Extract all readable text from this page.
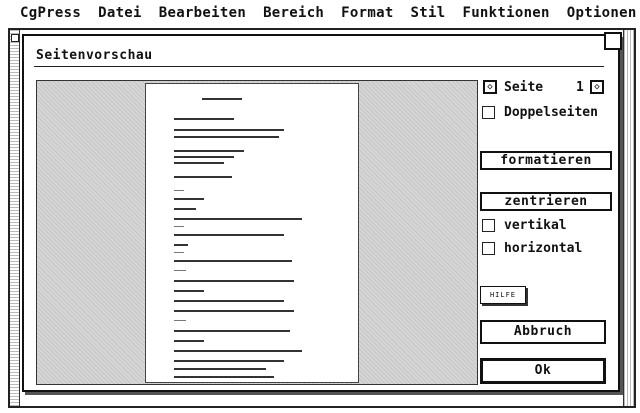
CgPress Datei Bearbeiten Bereich Format Stil Funktionen Optionen
Seitenvorschau
◇ Seite	1	◇
Doppelseiten
formatieren
zentrieren
vertikal
horizontal
HILFE
Abbruch
Ok
